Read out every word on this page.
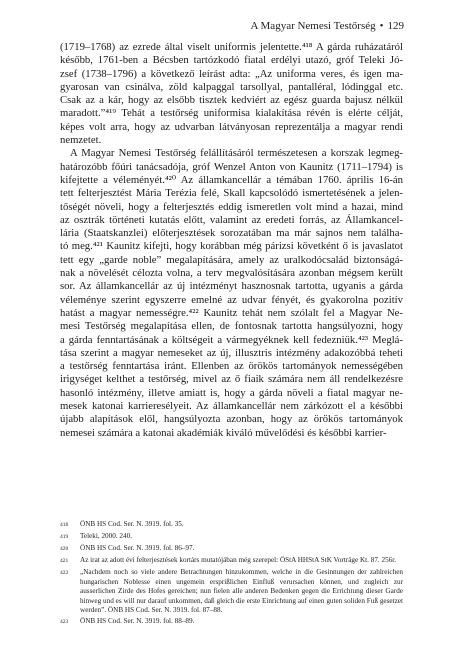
A Magyar Nemesi Testőrség • 129
(1719–1768) az ezrede által viselt uniformis jelentette.⁴¹⁸ A gárda ruházatáról
később, 1761-ben a Bécsben tartózkodó fiatal erdélyi utazó, gróf Teleki Jó-
zsef (1738–1796) a következő leírást adta: „Az uniforma veres, és igen ma-
gyarosan van csinálva, zöld kalpaggal tarsollyal, pantalléral, lódinggal etc.
Csak az a kár, hogy az elsőbb tisztek kedviért az egész guarda bajusz nélkül
maradott.”⁴¹⁹ Tehát a testőrség uniformisa kialakítása révén is elérte célját,
képes volt arra, hogy az udvarban látványosan reprezentálja a magyar rendi
nemzetet.
A Magyar Nemesi Testőrség felállításáról természetesen a korszak legmeg-
határozóbb főúri tanácsadója, gróf Wenzel Anton von Kaunitz (1711–1794) is
kifejtette a véleményét.⁴²⁰ Az államkancellár a témában 1760. április 16-án
tett felterjesztést Mária Teréziа felé, Skall kapcsolódó ismertetésének a jelen-
tőségét növeli, hogy a felterjesztés eddig ismeretlen volt mind a hazai, mind
az osztrák történeti kutatás előtt, valamint az eredeti forrás, az Államkancel-
lária (Staatskanzlei) előterjesztések sorozatában ma már sajnos nem találha-
tó meg.⁴²¹ Kaunitz kifejti, hogy korábban még párizsi követként ő is javaslatot
tett egy „garde noble” megalapítására, amely az uralkodócsalád biztonságá-
nak a növelését célozta volna, a terv megvalósítására azonban mégsem került
sor. Az államkancellár az új intézményt hasznosnak tartotta, ugyanis a gárda
véleménye szerint egyszerre emelné az udvar fényét, és gyakorolna pozitív
hatást a magyar nemességre.⁴²² Kaunitz tehát nem szólalt fel a Magyar Ne-
mesi Testőrség megalapítása ellen, de fontosnak tartotta hangsúlyozni, hogy
a gárda fenntartásának a költségeit a vármegyéknek kell fedezniük.⁴²³ Meglá-
tása szerint a magyar nemeseket az új, illusztris intézmény adakozóbbá teheti
a testőrség fenntartása iránt. Ellenben az örökös tartományok nemességében
irigységet kelthet a testőrség, mivel az ő fiaik számára nem áll rendelkezésre
hasonló intézmény, illetve amiatt is, hogy a gárda növeli a fiatal magyar ne-
mesek katonai karrieresélyeit. Az államkancellár nem zárkózott el a későbbi
újabb alapítások elől, hangsúlyozta azonban, hogy az örökös tartományok
nemesei számára a katonai akadémiák kiváló művelődési és későbbi karrier-
418	ÖNB HS Cod. Ser. N. 3919. fol. 35.
419	Teleki, 2000. 240.
420	ÖNB HS Cod. Ser. N. 3919. fol. 86–97.
421	Az irat az adott évi felterjesztések kortárs mutatójában még szerepel: ÖStA HHStA StK Vorträge Kt. 87. 256r.
422	„Nachdem noch so viele andere Betrachtungen hinzukommen, welche in die Gesinnungen der zahlreichen hungarischen Noblesse einen ungemein ersprißlichen Einfluß verursachen können, und zugleich zur ausserlichen Zirde des Hofes gereichen; nun fielen alle anderen Bedenken gegen die Errichtung dieser Garde hinweg und es will nur darauf unkommen, daß gleich die erste Einrichtung auf einen guten soliden Fuß gesetzet werden”. ÖNB HS Cod. Ser. N. 3919. fol. 87–88.
423	ÖNB HS Cod. Ser. N. 3919. fol. 88–89.
